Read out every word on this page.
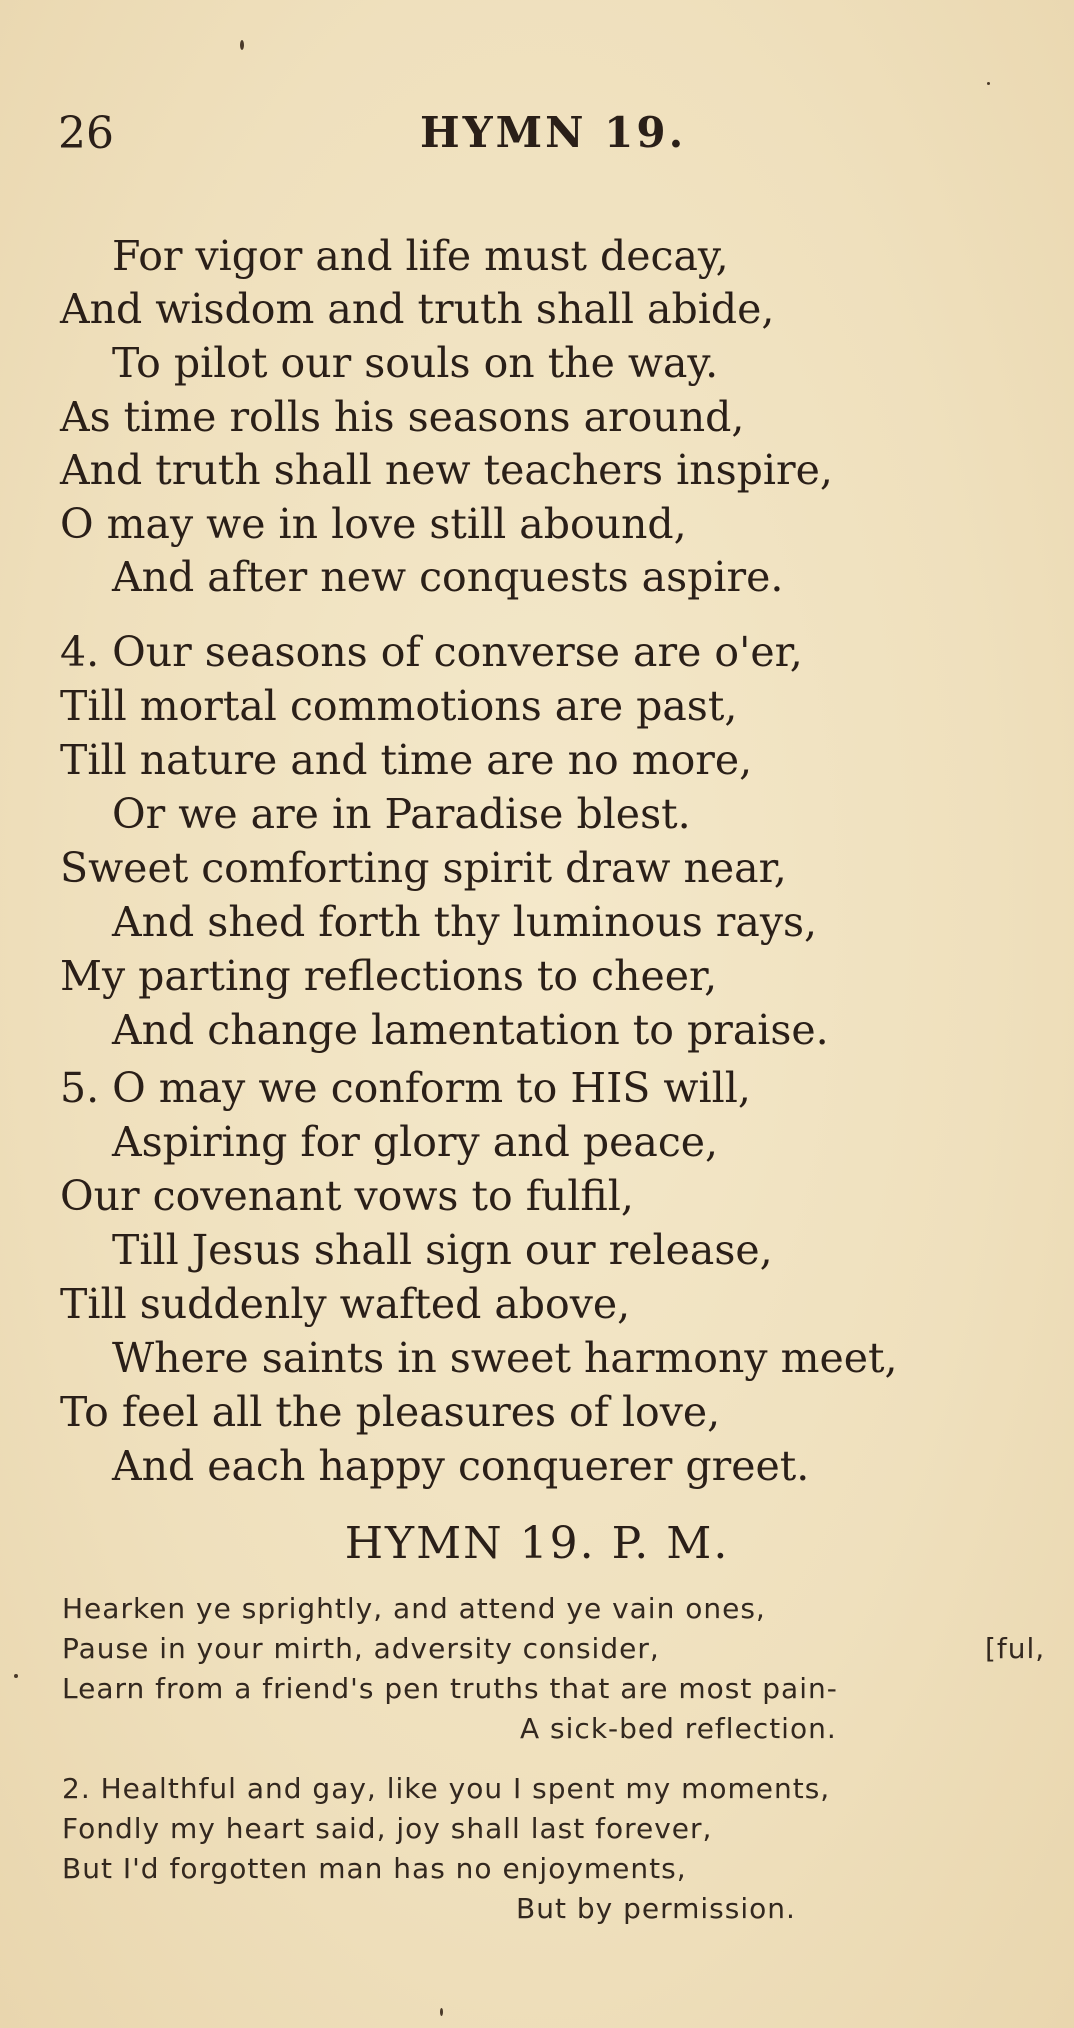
26	HYMN 19.
For vigor and life must decay,
And wisdom and truth shall abide,
To pilot our souls on the way.
As time rolls his seasons around,
And truth shall new teachers inspire,
O may we in love still abound,
And after new conquests aspire.
4. Our seasons of converse are o'er,
Till mortal commotions are past,
Till nature and time are no more,
Or we are in Paradise blest.
Sweet comforting spirit draw near,
And shed forth thy luminous rays,
My parting reflections to cheer,
And change lamentation to praise.
5. O may we conform to HIS will,
Aspiring for glory and peace,
Our covenant vows to fulfil,
Till Jesus shall sign our release,
Till suddenly wafted above,
Where saints in sweet harmony meet,
To feel all the pleasures of love,
And each happy conquerer greet.
HYMN 19. P. M.
Hearken ye sprightly, and attend ye vain ones,
Pause in your mirth, adversity consider,	[ful,
Learn from a friend's pen truths that are most pain-
A sick-bed reflection.
2. Healthful and gay, like you I spent my moments,
Fondly my heart said, joy shall last forever,
But I'd forgotten man has no enjoyments,
But by permission.
